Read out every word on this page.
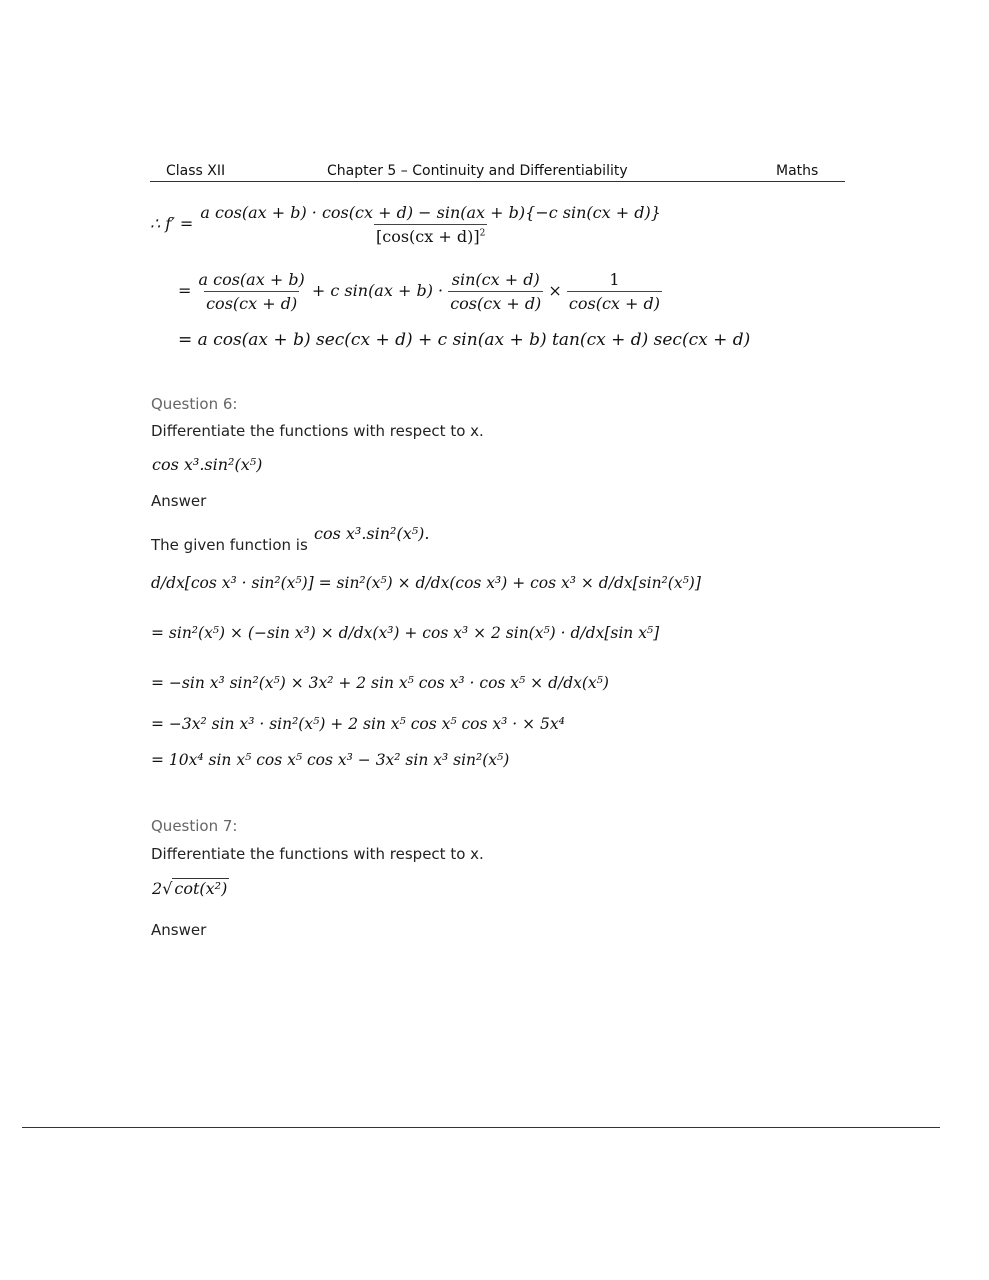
Class XII	Chapter 5 – Continuity and Differentiability	Maths
∴ $f' = \frac{\text{a cos(ax + b) · cos(cx + d) − sin(ax + b)\{−c sin(cx + d)\}}}{[\cos(cx + d)]^2}$
= $\frac{\text{a cos(ax + b)}}{\cos(cx + d)} + c$ $\sin(ax + b) \cdot \frac{\sin(cx + d)}{\cos(cx + d)} \times \frac{1}{\cos(cx + d)}$
= a cos(ax + b) sec(cx + d) + c sin(ax + b) tan(cx + d) sec(cx + d)
Question 6:
Differentiate the functions with respect to x.
cos x³.sin²(x⁵)
Answer
The given function is
cos x³.sin²(x⁵).
d/dx[cos x³ · sin²(x⁵)] = sin²(x⁵) × d/dx(cos x³) + cos x³ × d/dx[sin²(x⁵)]
= sin²(x⁵) × (−sin x³) × d/dx(x³) + cos x³ × 2 sin(x⁵) · d/dx[sin x⁵]
= −sin x³ sin²(x⁵) × 3x² + 2 sin x⁵ cos x³ · cos x⁵ × d/dx(x⁵)
= −3x² sin x³ · sin²(x⁵) + 2 sin x⁵ cos x⁵ cos x³ · × 5x⁴
= 10x⁴ sin x⁵ cos x⁵ cos x³ − 3x² sin x³ sin²(x⁵)
Question 7:
Differentiate the functions with respect to x.
2√ cot(x²)
Answer
